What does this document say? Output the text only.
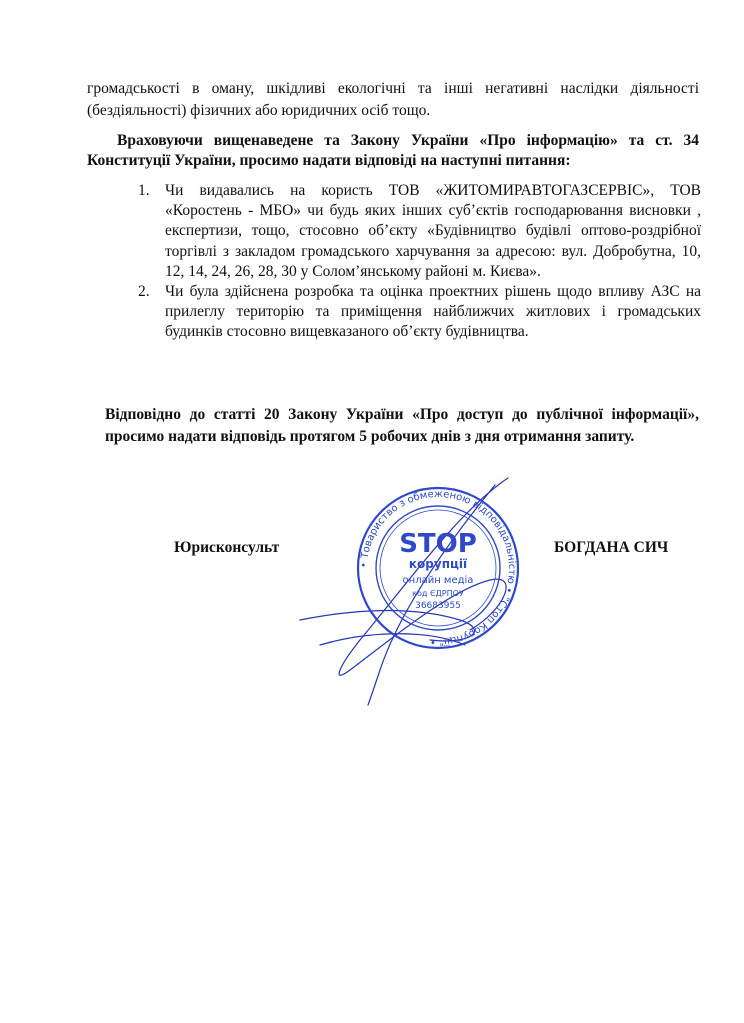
громадськості в оману, шкідливі екологічні та інші негативні наслідки діяльності (бездіяльності) фізичних або юридичних осіб тощо.

Враховуючи вищенаведене та Закону України «Про інформацію» та ст. 34 Конституції України, просимо надати відповіді на наступні питання:

1. Чи видавались на користь ТОВ «ЖИТОМИРАВТОГАЗСЕРВІС», ТОВ «Коростень - МБО» чи будь яких інших суб’єктів господарювання висновки , експертизи, тощо, стосовно об’єкту «Будівництво будівлі оптово-роздрібної торгівлі з закладом громадського харчування за адресою: вул. Добробутна, 10, 12, 14, 24, 26, 28, 30 у Солом’янському районі м. Києва».
2. Чи була здійснена розробка та оцінка проектних рішень щодо впливу АЗС на прилеглу територію та приміщення найближчих житлових і громадських будинків стосовно вищевказаного об’єкту будівництва.

Відповідно до статті 20 Закону України «Про доступ до публічної інформації», просимо надати відповідь протягом 5 робочих днів з дня отримання запиту.

Юрисконсульт	БОГДАНА СИЧ
• Товариство з обмеженою відповідальністю • "Стоп Корупції" •
STOP
корупції
онлайн медіа
код ЄДРПОУ
36683955
